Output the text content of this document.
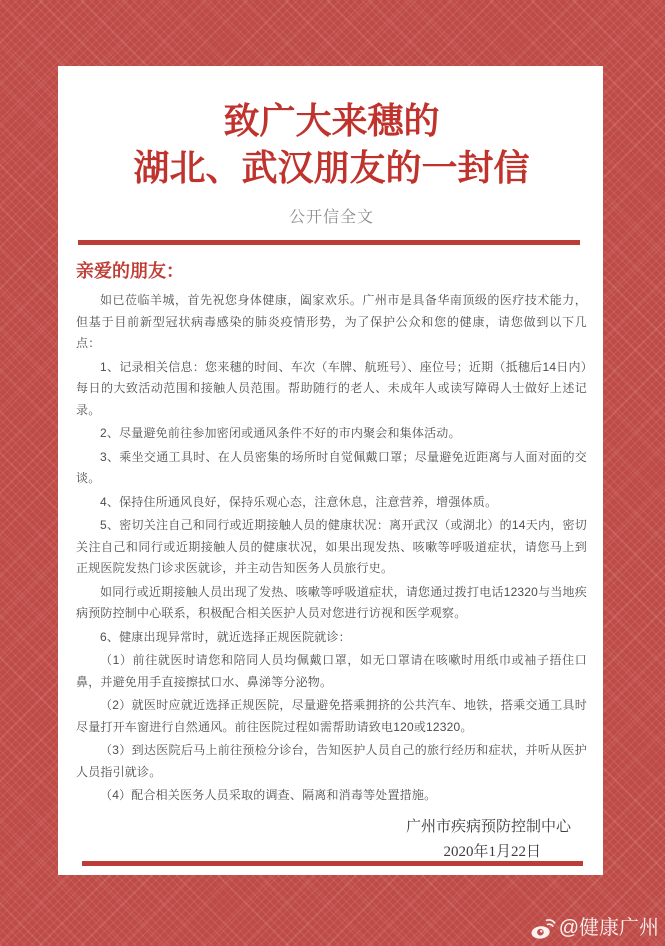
致广大来穗的
湖北、武汉朋友的一封信
公开信全文
亲爱的朋友：

如已莅临羊城，首先祝您身体健康，阖家欢乐。广州市是具备华南顶级的医疗技术能力，但基于目前新型冠状病毒感染的肺炎疫情形势，为了保护公众和您的健康，请您做到以下几点：

1、记录相关信息：您来穗的时间、车次（车牌、航班号）、座位号；近期（抵穗后14日内）每日的大致活动范围和接触人员范围。帮助随行的老人、未成年人或读写障碍人士做好上述记录。

2、尽量避免前往参加密闭或通风条件不好的市内聚会和集体活动。

3、乘坐交通工具时、在人员密集的场所时自觉佩戴口罩；尽量避免近距离与人面对面的交谈。

4、保持住所通风良好，保持乐观心态，注意休息，注意营养，增强体质。

5、密切关注自己和同行或近期接触人员的健康状况：离开武汉（或湖北）的14天内，密切关注自己和同行或近期接触人员的健康状况，如果出现发热、咳嗽等呼吸道症状，请您马上到正规医院发热门诊求医就诊，并主动告知医务人员旅行史。

如同行或近期接触人员出现了发热、咳嗽等呼吸道症状，请您通过拨打电话12320与当地疾病预防控制中心联系，积极配合相关医护人员对您进行访视和医学观察。

6、健康出现异常时，就近选择正规医院就诊：

（1）前往就医时请您和陪同人员均佩戴口罩，如无口罩请在咳嗽时用纸巾或袖子捂住口鼻，并避免用手直接擦拭口水、鼻涕等分泌物。

（2）就医时应就近选择正规医院，尽量避免搭乘拥挤的公共汽车、地铁，搭乘交通工具时尽量打开车窗进行自然通风。前往医院过程如需帮助请致电120或12320。

（3）到达医院后马上前往预检分诊台，告知医护人员自己的旅行经历和症状，并听从医护人员指引就诊。

（4）配合相关医务人员采取的调查、隔离和消毒等处置措施。

广州市疾病预防控制中心
2020年1月22日
@健康广州
